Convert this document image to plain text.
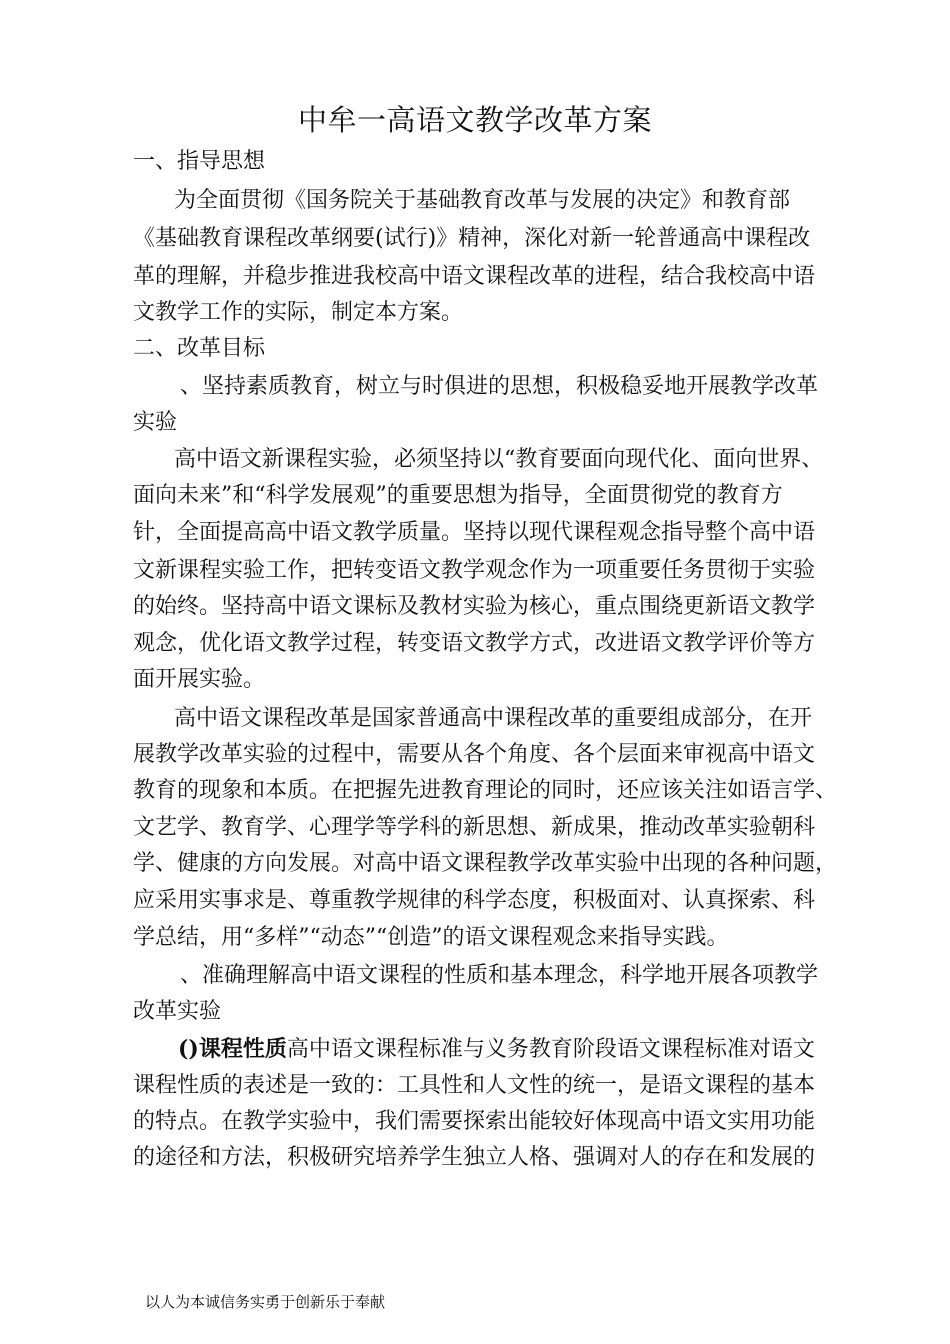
中牟一高语文教学改革方案
一、指导思想
为全面贯彻《国务院关于基础教育改革与发展的决定》和教育部
《基础教育课程改革纲要(试行)》精神，深化对新一轮普通高中课程改
革的理解，并稳步推进我校高中语文课程改革的进程，结合我校高中语
文教学工作的实际，制定本方案。
二、改革目标
、坚持素质教育，树立与时俱进的思想，积极稳妥地开展教学改革
实验
高中语文新课程实验，必须坚持以“教育要面向现代化、面向世界、
面向未来”和“科学发展观”的重要思想为指导，全面贯彻党的教育方
针，全面提高高中语文教学质量。坚持以现代课程观念指导整个高中语
文新课程实验工作，把转变语文教学观念作为一项重要任务贯彻于实验
的始终。坚持高中语文课标及教材实验为核心，重点围绕更新语文教学
观念，优化语文教学过程，转变语文教学方式，改进语文教学评价等方
面开展实验。
高中语文课程改革是国家普通高中课程改革的重要组成部分，在开
展教学改革实验的过程中，需要从各个角度、各个层面来审视高中语文
教育的现象和本质。在把握先进教育理论的同时，还应该关注如语言学、
文艺学、教育学、心理学等学科的新思想、新成果，推动改革实验朝科
学、健康的方向发展。对高中语文课程教学改革实验中出现的各种问题，
应采用实事求是、尊重教学规律的科学态度，积极面对、认真探索、科
学总结，用“多样”“动态”“创造”的语文课程观念来指导实践。
、准确理解高中语文课程的性质和基本理念，科学地开展各项教学
改革实验
()课程性质高中语文课程标准与义务教育阶段语文课程标准对语文
课程性质的表述是一致的：工具性和人文性的统一，是语文课程的基本
的特点。在教学实验中，我们需要探索出能较好体现高中语文实用功能
的途径和方法，积极研究培养学生独立人格、强调对人的存在和发展的
以人为本诚信务实勇于创新乐于奉献
